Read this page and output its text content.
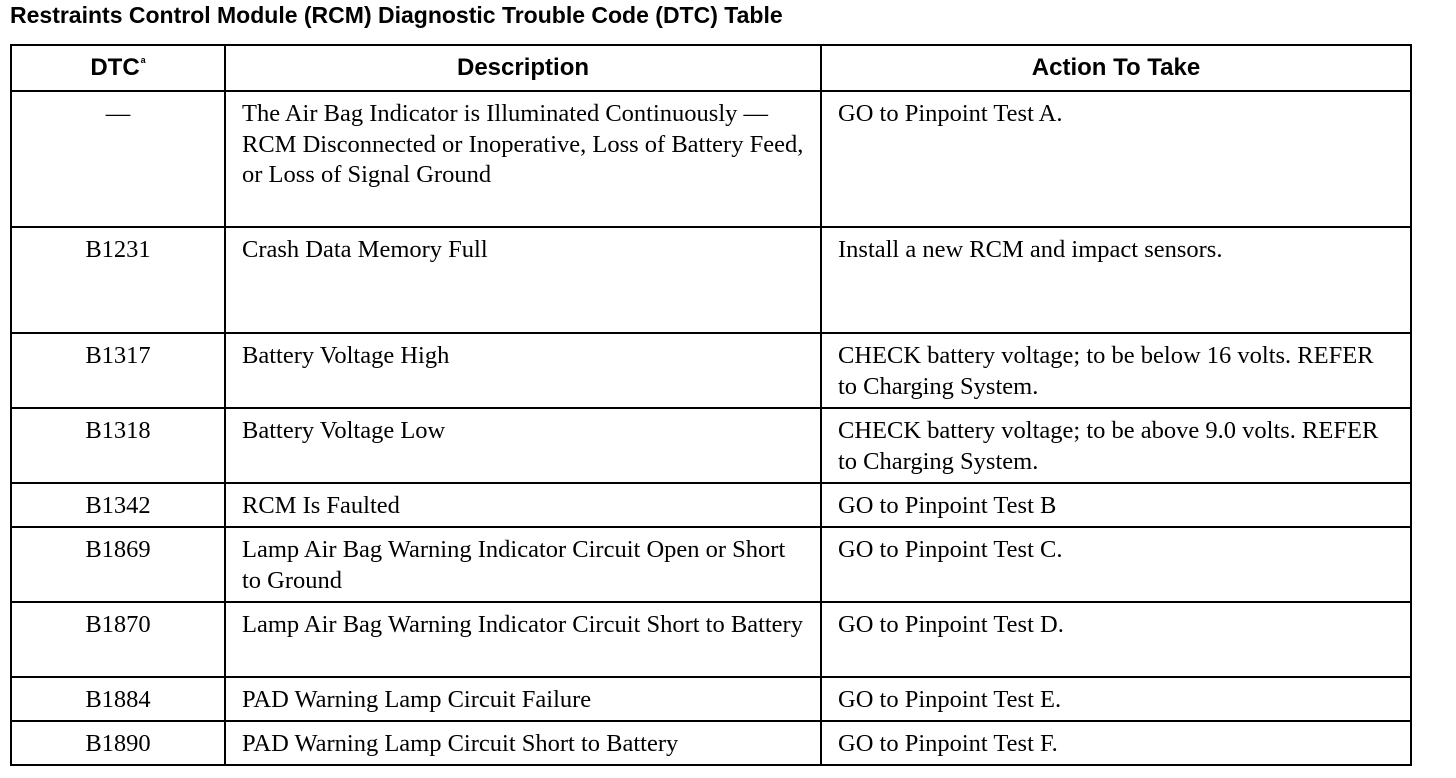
Restraints Control Module (RCM) Diagnostic Trouble Code (DTC) Table
DTC$^a$	Description	Action To Take
—	The Air Bag Indicator is Illuminated Continuously — RCM Disconnected or Inoperative, Loss of Battery Feed, or Loss of Signal Ground	GO to Pinpoint Test A.
B1231	Crash Data Memory Full	Install a new RCM and impact sensors.
B1317	Battery Voltage High	CHECK battery voltage; to be below 16 volts. REFER to Charging System.
B1318	Battery Voltage Low	CHECK battery voltage; to be above 9.0 volts. REFER to Charging System.
B1342	RCM Is Faulted	GO to Pinpoint Test B
B1869	Lamp Air Bag Warning Indicator Circuit Open or Short to Ground	GO to Pinpoint Test C.
B1870	Lamp Air Bag Warning Indicator Circuit Short to Battery	GO to Pinpoint Test D.
B1884	PAD Warning Lamp Circuit Failure	GO to Pinpoint Test E.
B1890	PAD Warning Lamp Circuit Short to Battery	GO to Pinpoint Test F.
